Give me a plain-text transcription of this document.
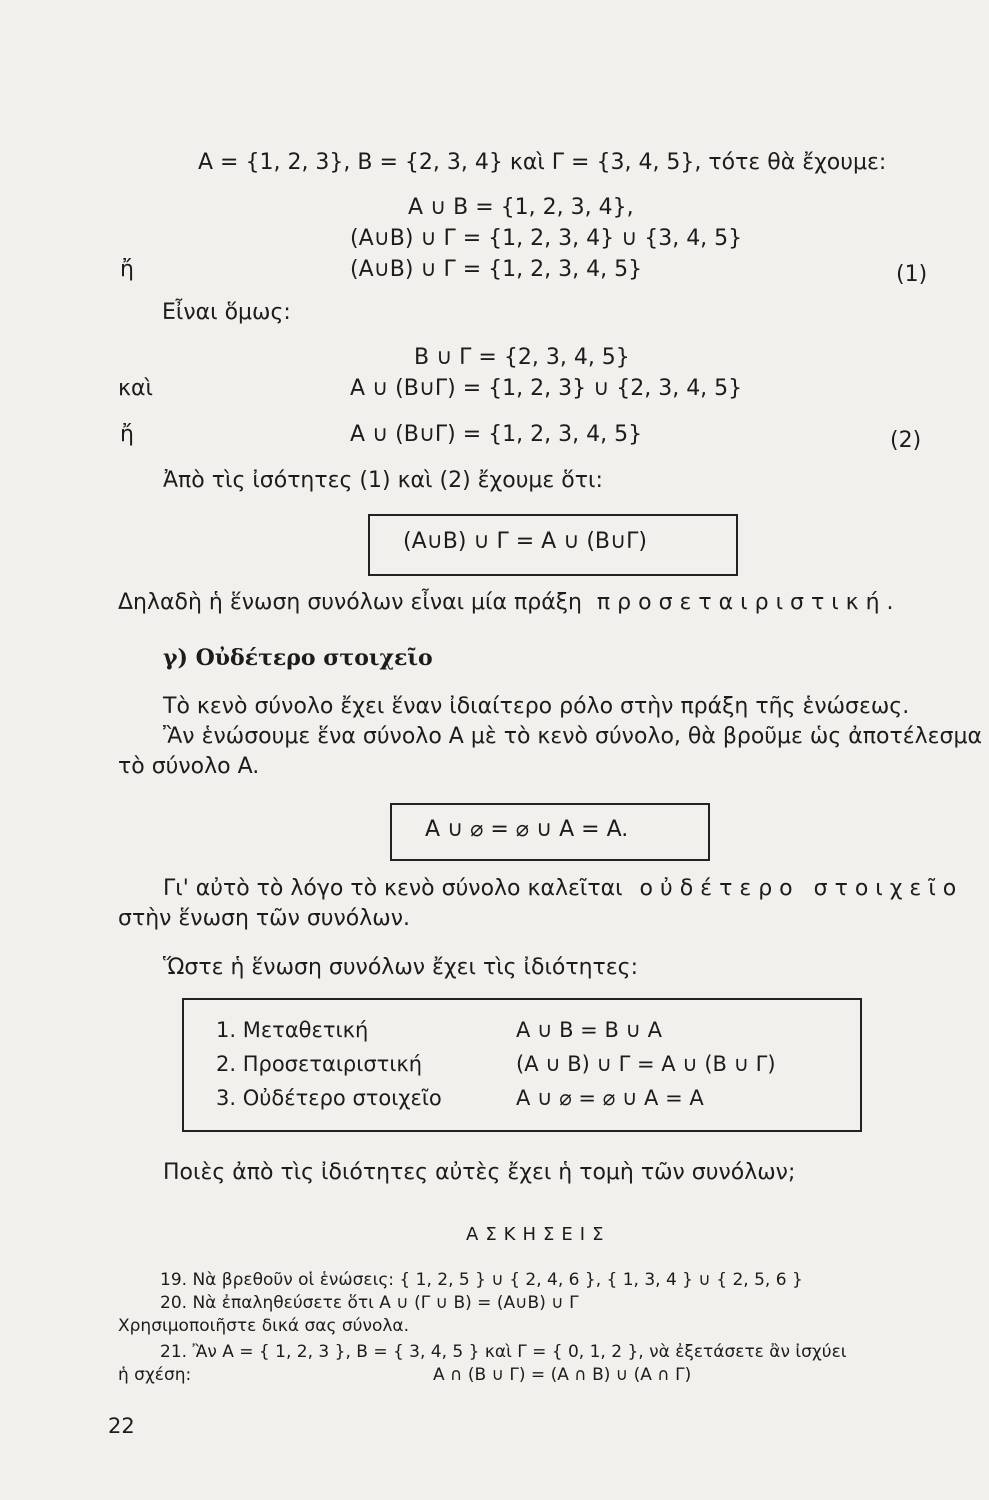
A = {1, 2, 3}, B = {2, 3, 4} καὶ Γ = {3, 4, 5}, τότε θὰ ἔχουμε:
A ∪ B = {1, 2, 3, 4},
(A∪B) ∪ Γ = {1, 2, 3, 4} ∪ {3, 4, 5}
ἤ	(A∪B) ∪ Γ = {1, 2, 3, 4, 5}	(1)
Εἶναι ὅμως:
B ∪ Γ = {2, 3, 4, 5}
καὶ	A ∪ (B∪Γ) = {1, 2, 3} ∪ {2, 3, 4, 5}
ἤ	A ∪ (B∪Γ) = {1, 2, 3, 4, 5}	(2)
Ἀπὸ τὶς ἰσότητες (1) καὶ (2) ἔχουμε ὅτι:
(A∪B) ∪ Γ = A ∪ (B∪Γ)
Δηλαδὴ ἡ ἕνωση συνόλων εἶναι μία πράξη προσεταιριστική.
γ) Οὐδέτερο στοιχεῖο
Τὸ κενὸ σύνολο ἔχει ἕναν ἰδιαίτερο ρόλο στὴν πράξη τῆς ἑνώσεως.
Ἂν ἑνώσουμε ἕνα σύνολο A μὲ τὸ κενὸ σύνολο, θὰ βροῦμε ὡς ἀποτέλεσμα
τὸ σύνολο A.
A ∪ ⌀ = ⌀ ∪ A = A.
Γι' αὐτὸ τὸ λόγο τὸ κενὸ σύνολο καλεῖται οὐδέτερο στοιχεῖο
στὴν ἕνωση τῶν συνόλων.
Ὥστε ἡ ἕνωση συνόλων ἔχει τὶς ἰδιότητες:
1. Μεταθετική	A ∪ B = B ∪ A
2. Προσεταιριστική	(A ∪ B) ∪ Γ = A ∪ (B ∪ Γ)
3. Οὐδέτερο στοιχεῖο	A ∪ ⌀ = ⌀ ∪ A = A
Ποιὲς ἀπὸ τὶς ἰδιότητες αὐτὲς ἔχει ἡ τομὴ τῶν συνόλων;
ΑΣΚΗΣΕΙΣ
19. Νὰ βρεθοῦν οἱ ἑνώσεις: { 1, 2, 5 } ∪ { 2, 4, 6 }, { 1, 3, 4 } ∪ { 2, 5, 6 }
20. Νὰ ἐπαληθεύσετε ὅτι A ∪ (Γ ∪ B) = (A∪B) ∪ Γ
Χρησιμοποιῆστε δικά σας σύνολα.
21. Ἂν A = { 1, 2, 3 }, B = { 3, 4, 5 } καὶ Γ = { 0, 1, 2 }, νὰ ἐξετάσετε ἂν ἰσχύει
ἡ σχέση:	A ∩ (B ∪ Γ) = (A ∩ B) ∪ (A ∩ Γ)
22
